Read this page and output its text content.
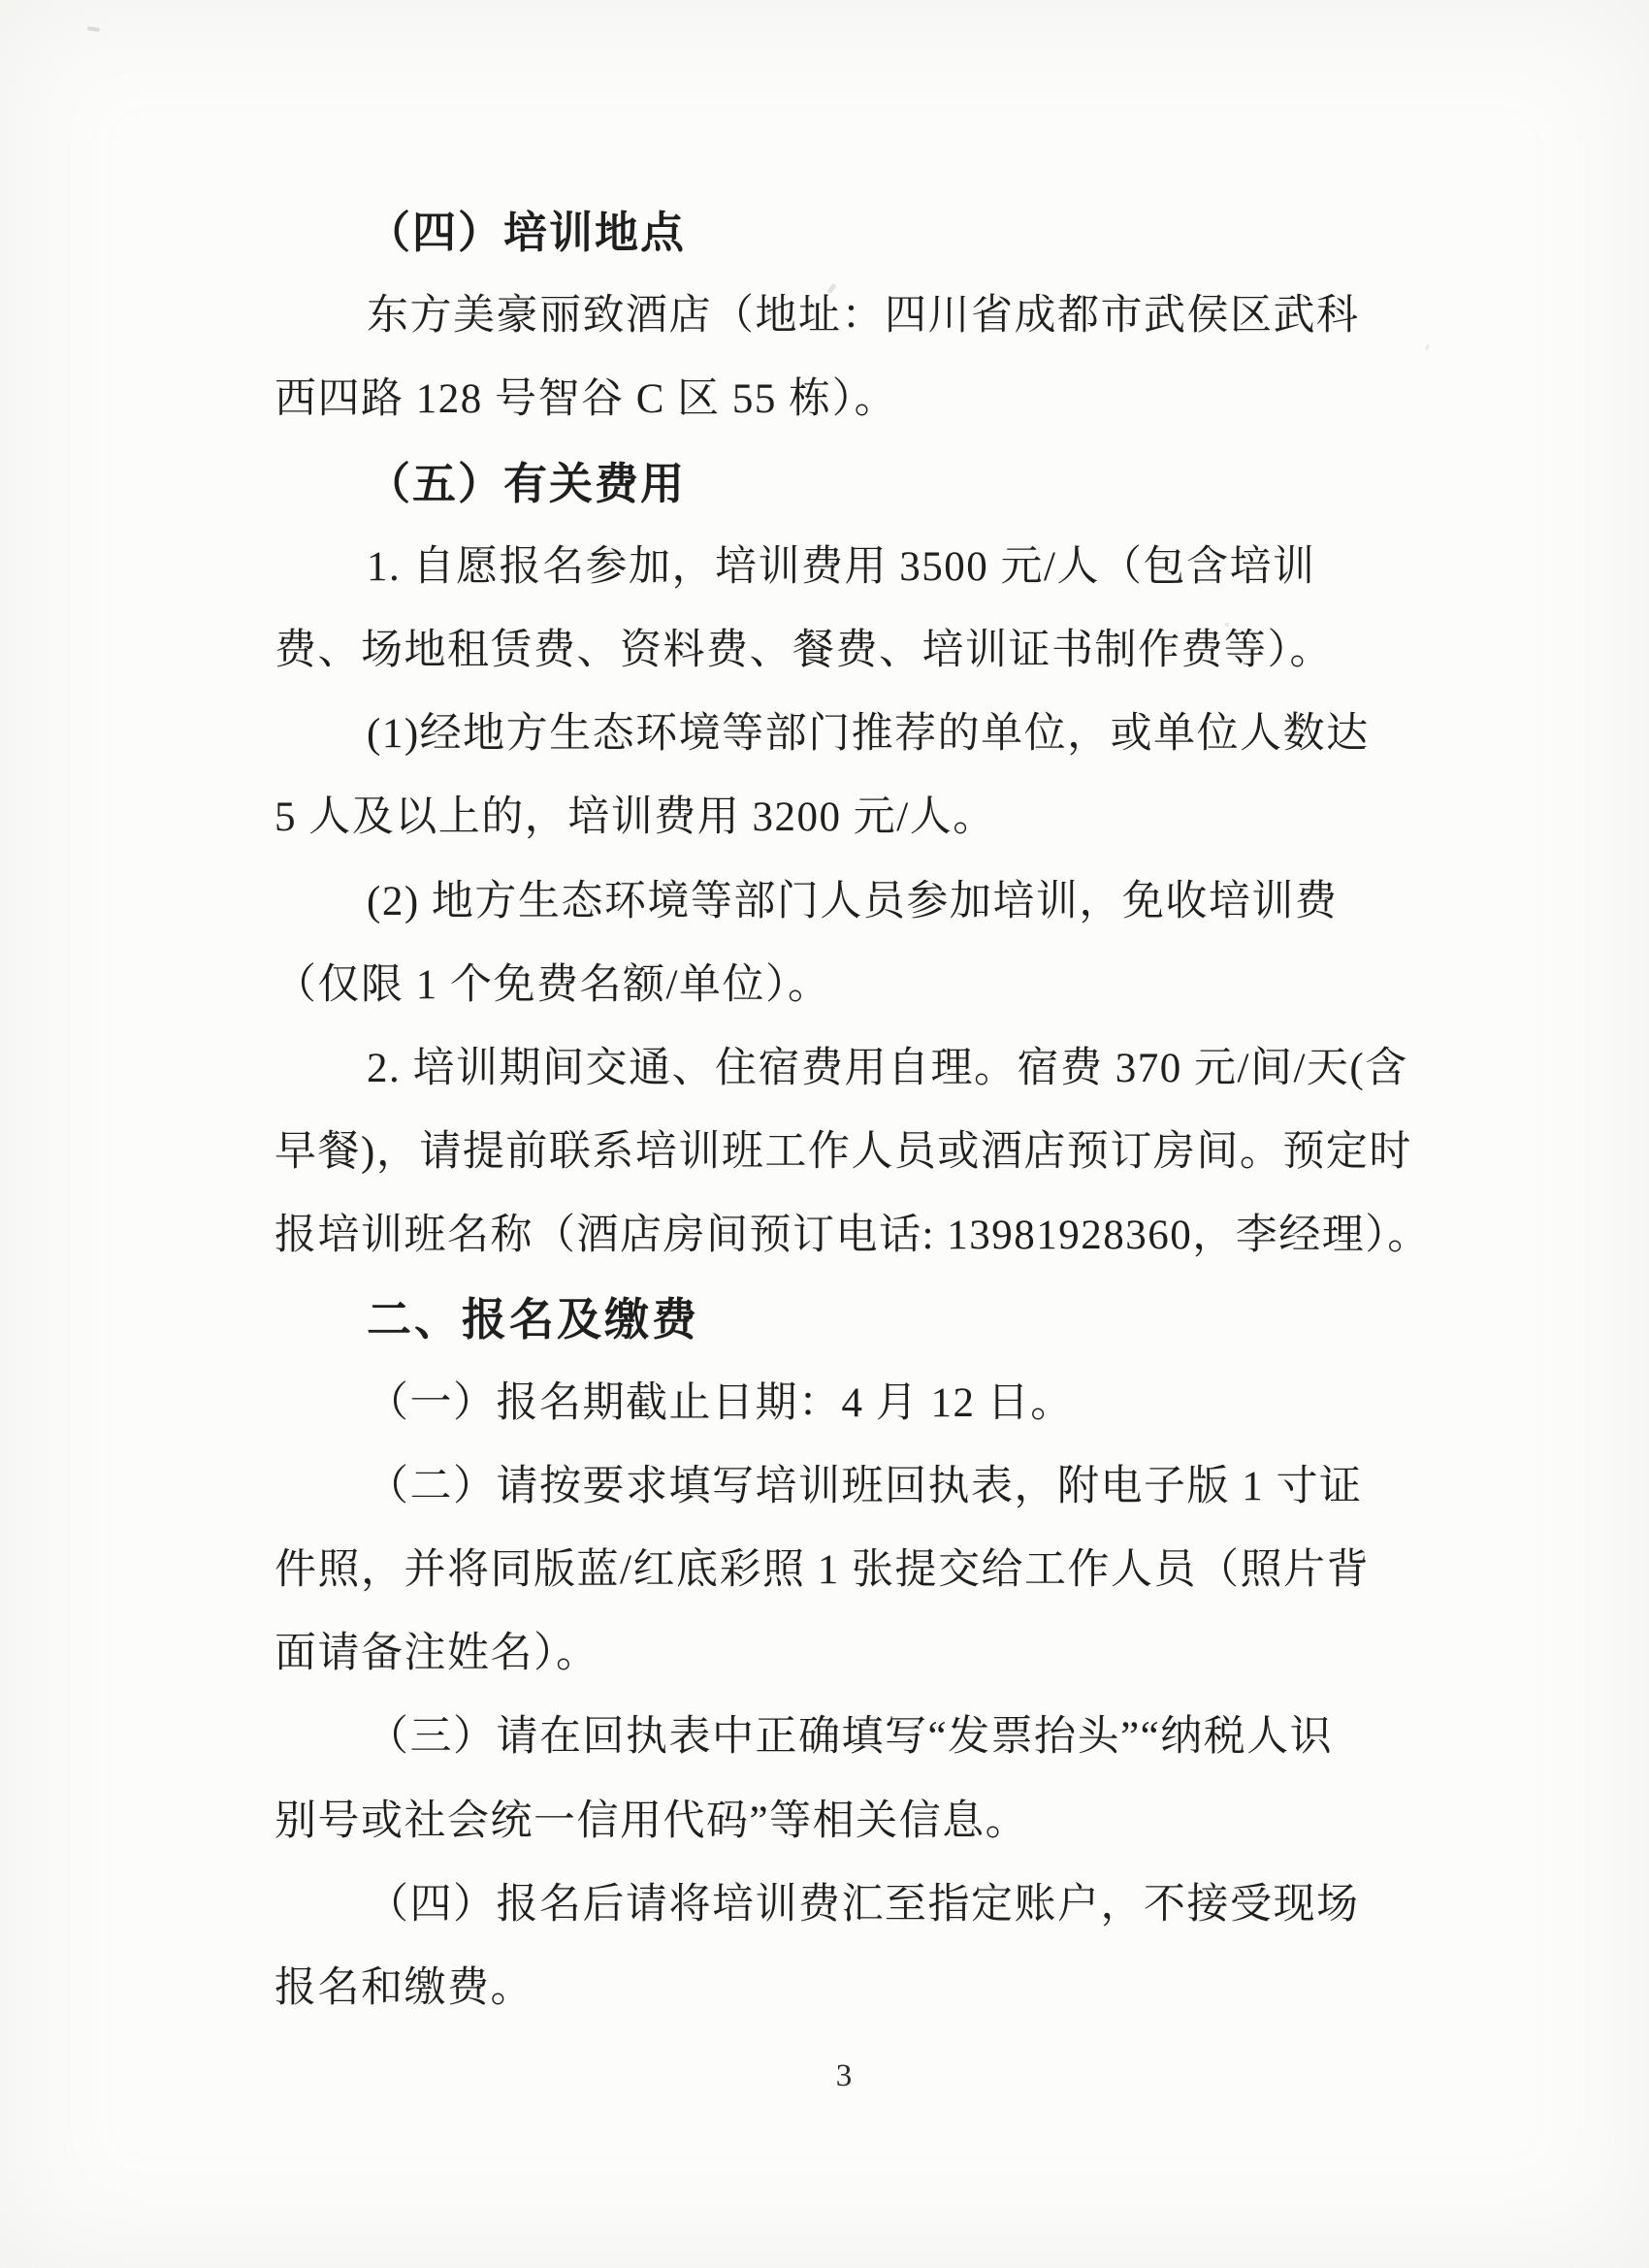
（四）培训地点
东方美豪丽致酒店（地址：四川省成都市武侯区武科
西四路 128 号智谷 C 区 55 栋）。
（五）有关费用
1. 自愿报名参加，培训费用 3500 元/人（包含培训
费、场地租赁费、资料费、餐费、培训证书制作费等）。
(1)经地方生态环境等部门推荐的单位，或单位人数达
5 人及以上的，培训费用 3200 元/人。
(2) 地方生态环境等部门人员参加培训，免收培训费
（仅限 1 个免费名额/单位）。
2. 培训期间交通、住宿费用自理。宿费 370 元/间/天(含
早餐)，请提前联系培训班工作人员或酒店预订房间。预定时
报培训班名称（酒店房间预订电话: 13981928360，李经理）。
二、报名及缴费
（一）报名期截止日期：4 月 12 日。
（二）请按要求填写培训班回执表，附电子版 1 寸证
件照，并将同版蓝/红底彩照 1 张提交给工作人员（照片背
面请备注姓名）。
（三）请在回执表中正确填写“发票抬头”“纳税人识
别号或社会统一信用代码”等相关信息。
（四）报名后请将培训费汇至指定账户，不接受现场
报名和缴费。
3
